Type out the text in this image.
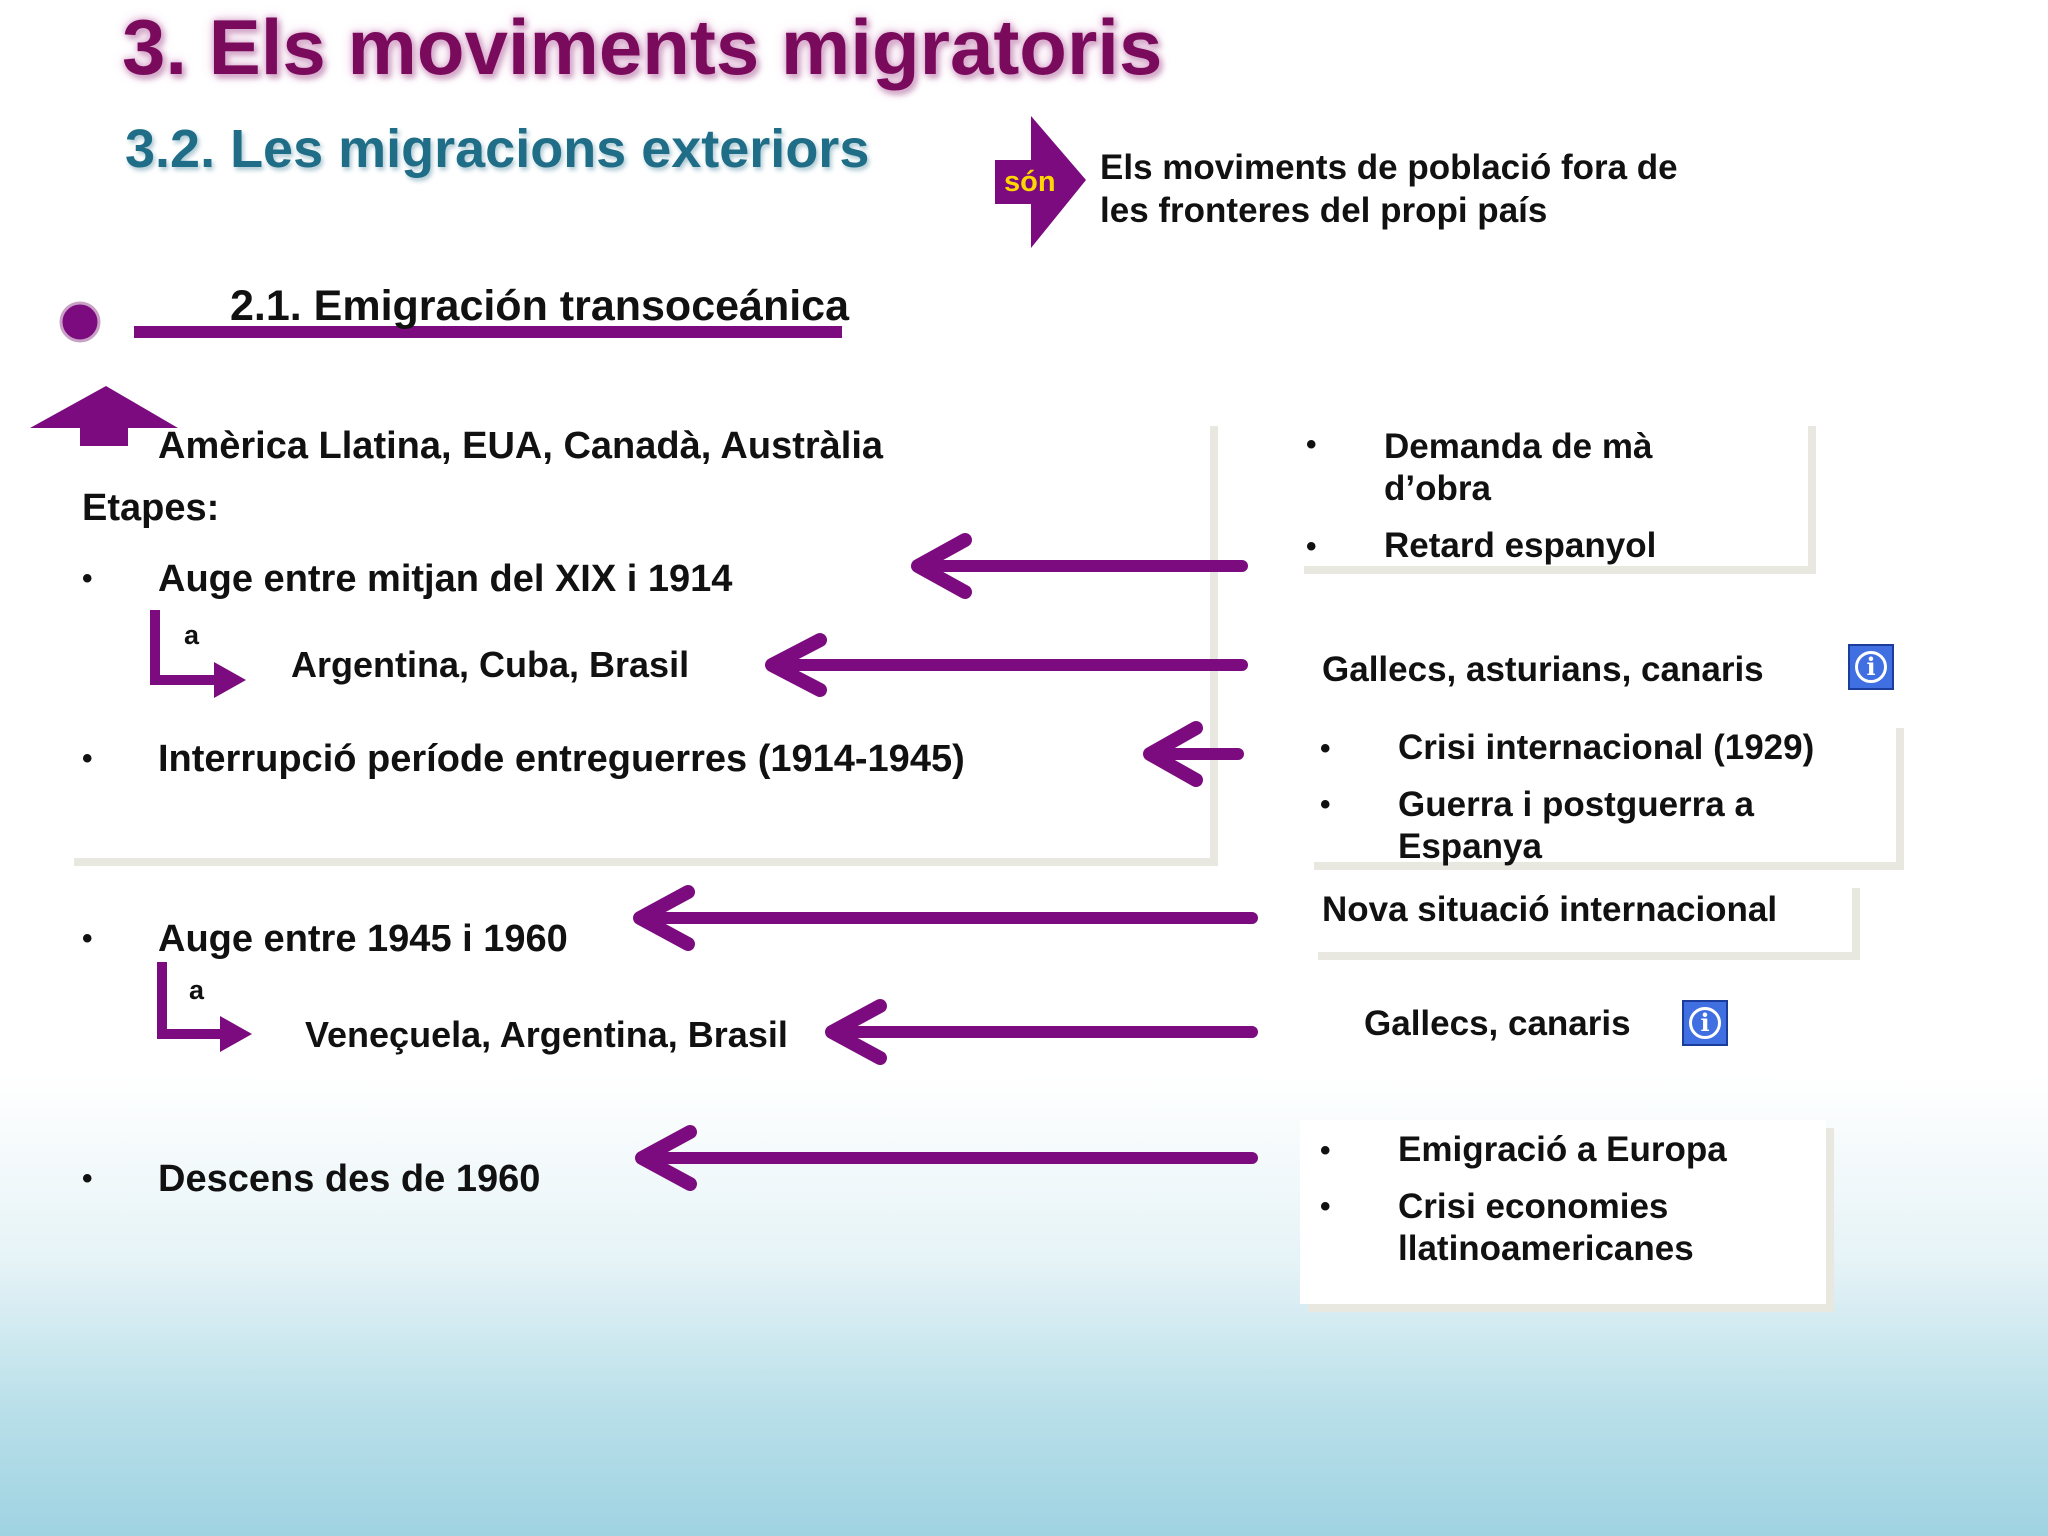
3. Els moviments migratoris
3.2. Les migracions exteriors
són Els moviments de població fora de
les fronteres del propi país
2.1. Emigración transoceánica
Amèrica Llatina, EUA, Canadà, Austràlia
Etapes:
• Auge entre mitjan del XIX i 1914
a
Argentina, Cuba, Brasil
• Interrupció període entreguerres (1914-1945)
• Auge entre 1945 i 1960
a
Veneçuela, Argentina, Brasil
• Descens des de 1960
• Demanda de mà d’obra
• Retard espanyol
Gallecs, asturians, canaris	i
• Crisi internacional (1929)
• Guerra i postguerra a Espanya
Nova situació internacional
Gallecs, canaris	i
• Emigració a Europa
• Crisi economies llatinoamericanes
